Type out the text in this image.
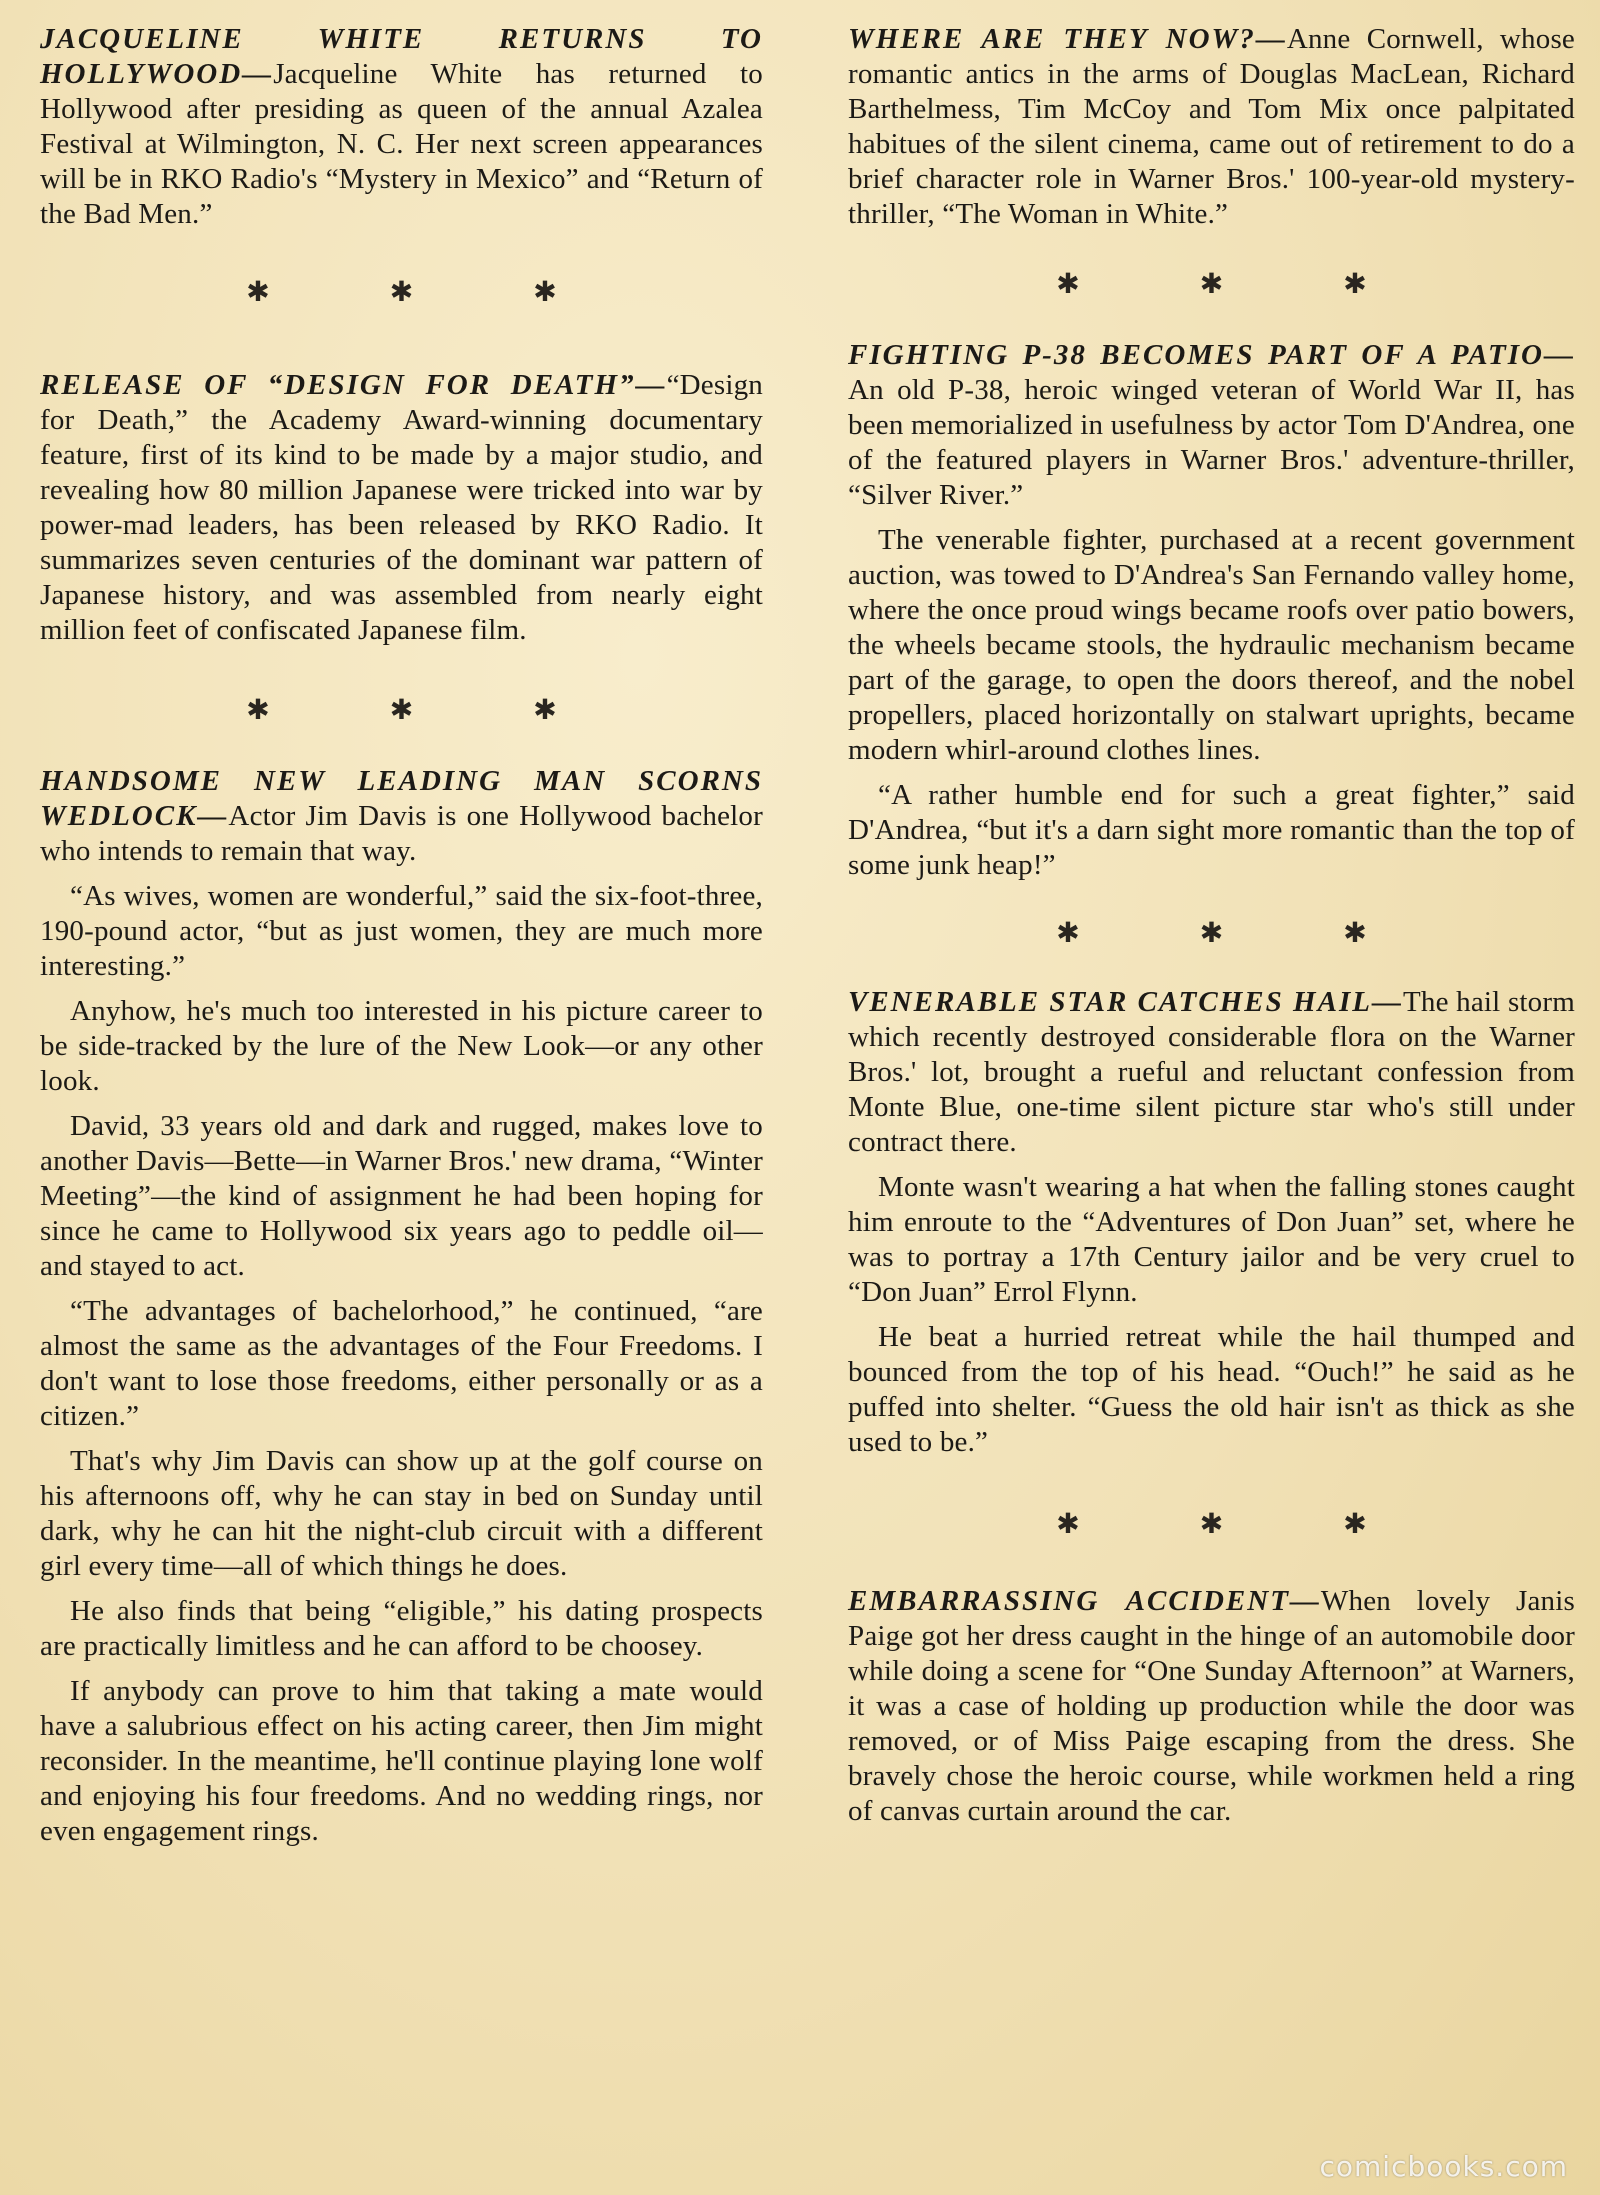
JACQUELINE WHITE RETURNS TO HOLLYWOOD—Jacqueline White has returned to Hollywood after presiding as queen of the annual Azalea Festival at Wilmington, N. C. Her next screen appearances will be in RKO Radio's “Mystery in Mexico” and “Return of the Bad Men.”

✱	✱	✱

RELEASE OF “DESIGN FOR DEATH”—“Design for Death,” the Academy Award-winning documentary feature, first of its kind to be made by a major studio, and revealing how 80 million Japanese were tricked into war by power-mad leaders, has been released by RKO Radio. It summarizes seven centuries of the dominant war pattern of Japanese history, and was assembled from nearly eight million feet of confiscated Japanese film.

✱	✱	✱

HANDSOME NEW LEADING MAN SCORNS WEDLOCK—Actor Jim Davis is one Hollywood bachelor who intends to remain that way.

“As wives, women are wonderful,” said the six-foot-three, 190-pound actor, “but as just women, they are much more interesting.”

Anyhow, he's much too interested in his picture career to be side-tracked by the lure of the New Look—or any other look.

David, 33 years old and dark and rugged, makes love to another Davis—Bette—in Warner Bros.' new drama, “Winter Meeting”—the kind of assignment he had been hoping for since he came to Hollywood six years ago to peddle oil—and stayed to act.

“The advantages of bachelorhood,” he continued, “are almost the same as the advantages of the Four Freedoms. I don't want to lose those freedoms, either personally or as a citizen.”

That's why Jim Davis can show up at the golf course on his afternoons off, why he can stay in bed on Sunday until dark, why he can hit the night-club circuit with a different girl every time—all of which things he does.

He also finds that being “eligible,” his dating prospects are practically limitless and he can afford to be choosey.

If anybody can prove to him that taking a mate would have a salubrious effect on his acting career, then Jim might reconsider. In the meantime, he'll continue playing lone wolf and enjoying his four freedoms. And no wedding rings, nor even engagement rings.

WHERE ARE THEY NOW?—Anne Cornwell, whose romantic antics in the arms of Douglas MacLean, Richard Barthelmess, Tim McCoy and Tom Mix once palpitated habitues of the silent cinema, came out of retirement to do a brief character role in Warner Bros.' 100-year-old mystery-thriller, “The Woman in White.”

✱	✱	✱

FIGHTING P-38 BECOMES PART OF A PATIO—An old P-38, heroic winged veteran of World War II, has been memorialized in usefulness by actor Tom D'Andrea, one of the featured players in Warner Bros.' adventure-thriller, “Silver River.”

The venerable fighter, purchased at a recent government auction, was towed to D'Andrea's San Fernando valley home, where the once proud wings became roofs over patio bowers, the wheels became stools, the hydraulic mechanism became part of the garage, to open the doors thereof, and the nobel propellers, placed horizontally on stalwart uprights, became modern whirl-around clothes lines.

“A rather humble end for such a great fighter,” said D'Andrea, “but it's a darn sight more romantic than the top of some junk heap!”

✱	✱	✱

VENERABLE STAR CATCHES HAIL—The hail storm which recently destroyed considerable flora on the Warner Bros.' lot, brought a rueful and reluctant confession from Monte Blue, one-time silent picture star who's still under contract there.

Monte wasn't wearing a hat when the falling stones caught him enroute to the “Adventures of Don Juan” set, where he was to portray a 17th Century jailor and be very cruel to “Don Juan” Errol Flynn.

He beat a hurried retreat while the hail thumped and bounced from the top of his head. “Ouch!” he said as he puffed into shelter. “Guess the old hair isn't as thick as she used to be.”

✱	✱	✱

EMBARRASSING ACCIDENT—When lovely Janis Paige got her dress caught in the hinge of an automobile door while doing a scene for “One Sunday Afternoon” at Warners, it was a case of holding up production while the door was removed, or of Miss Paige escaping from the dress. She bravely chose the heroic course, while workmen held a ring of canvas curtain around the car.

comicbooks.com
